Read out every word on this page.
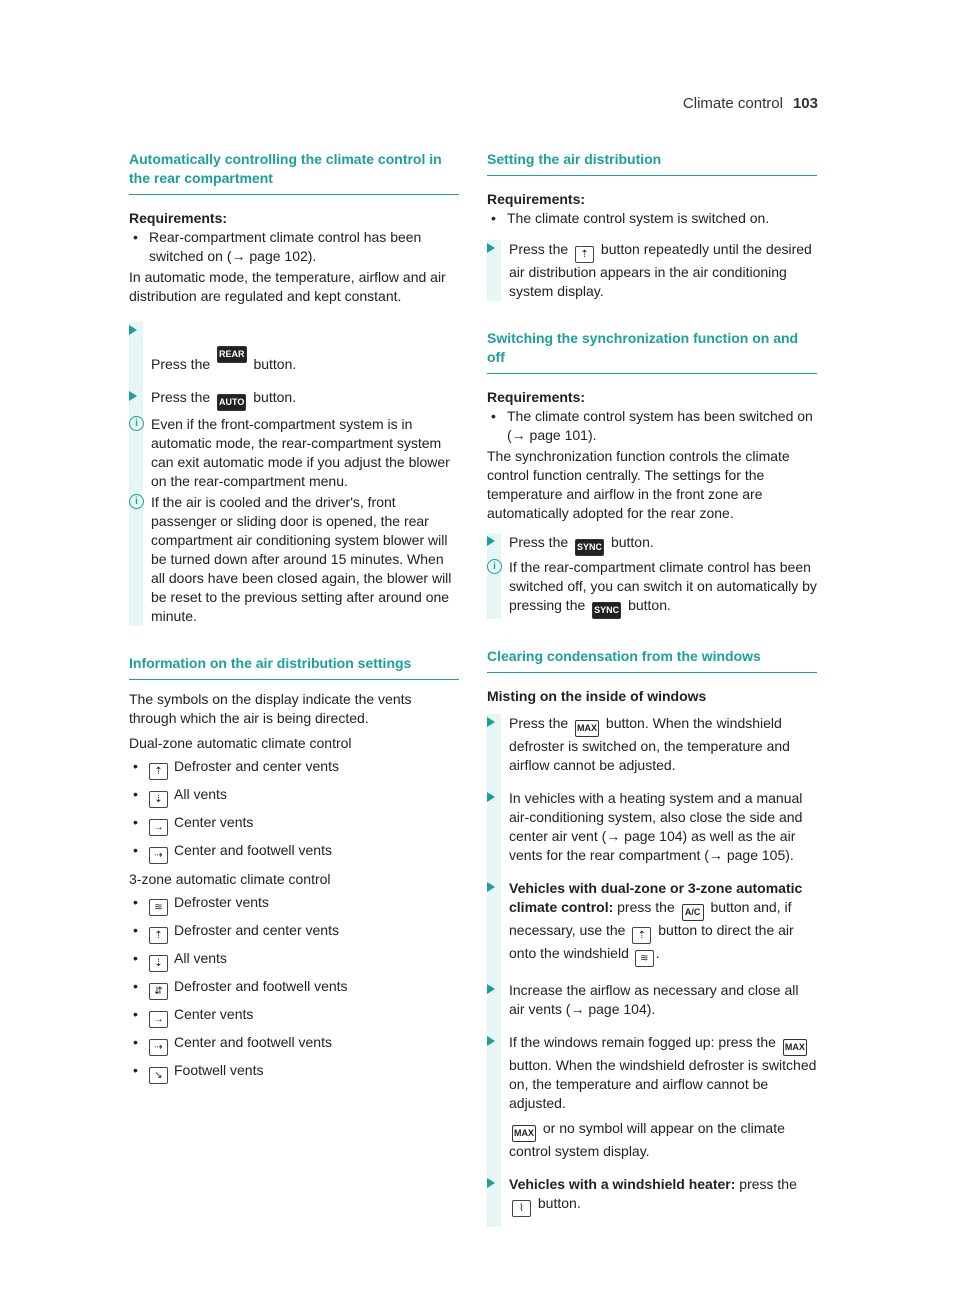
Climate control 103
Automatically controlling the climate control in the rear compartment

Requirements:

• Rear-compartment climate control has been switched on (→ page 102).

In automatic mode, the temperature, airflow and air distribution are regulated and kept constant.

Press the REAR button.
Press the AUTO button.
i Even if the front-compartment system is in automatic mode, the rear-compartment system can exit automatic mode if you adjust the blower on the rear-compartment menu.
i If the air is cooled and the driver's, front passenger or sliding door is opened, the rear compartment air conditioning system blower will be turned down after around 15 minutes. When all doors have been closed again, the blower will be reset to the previous setting after around one minute.
Information on the air distribution settings

The symbols on the display indicate the vents through which the air is being directed.

Dual-zone automatic climate control

• ⇡ Defroster and center vents

• ⇣ All vents

• → Center vents

• ⇢ Center and footwell vents

3-zone automatic climate control

• ≋ Defroster vents

• ⇡ Defroster and center vents

• ⇣ All vents

• ⇵ Defroster and footwell vents

• → Center vents

• ⇢ Center and footwell vents

• ↘ Footwell vents

Setting the air distribution

Requirements:

• The climate control system is switched on.

Press the ⇡ button repeatedly until the desired air distribution appears in the air conditioning system display.
Switching the synchronization function on and off

Requirements:

• The climate control system has been switched on (→ page 101).

The synchronization function controls the climate control function centrally. The settings for the temperature and airflow in the front zone are automatically adopted for the rear zone.

Press the SYNC button.
i If the rear-compartment climate control has been switched off, you can switch it on automatically by pressing the SYNC button.
Clearing condensation from the windows
Misting on the inside of windows
Press the MAX button. When the windshield defroster is switched on, the temperature and airflow cannot be adjusted.
In vehicles with a heating system and a manual air-conditioning system, also close the side and center air vent (→ page 104) as well as the air vents for the rear compartment (→ page 105).
Vehicles with dual-zone or 3-zone automatic climate control: press the A/C button and, if necessary, use the ⇡ button to direct the air onto the windshield ≋ .
Increase the airflow as necessary and close all air vents (→ page 104).
If the windows remain fogged up: press the MAX button. When the windshield defroster is switched on, the temperature and airflow cannot be adjusted.

MAX or no symbol will appear on the climate control system display.

Vehicles with a windshield heater: press the ⌇ button.
